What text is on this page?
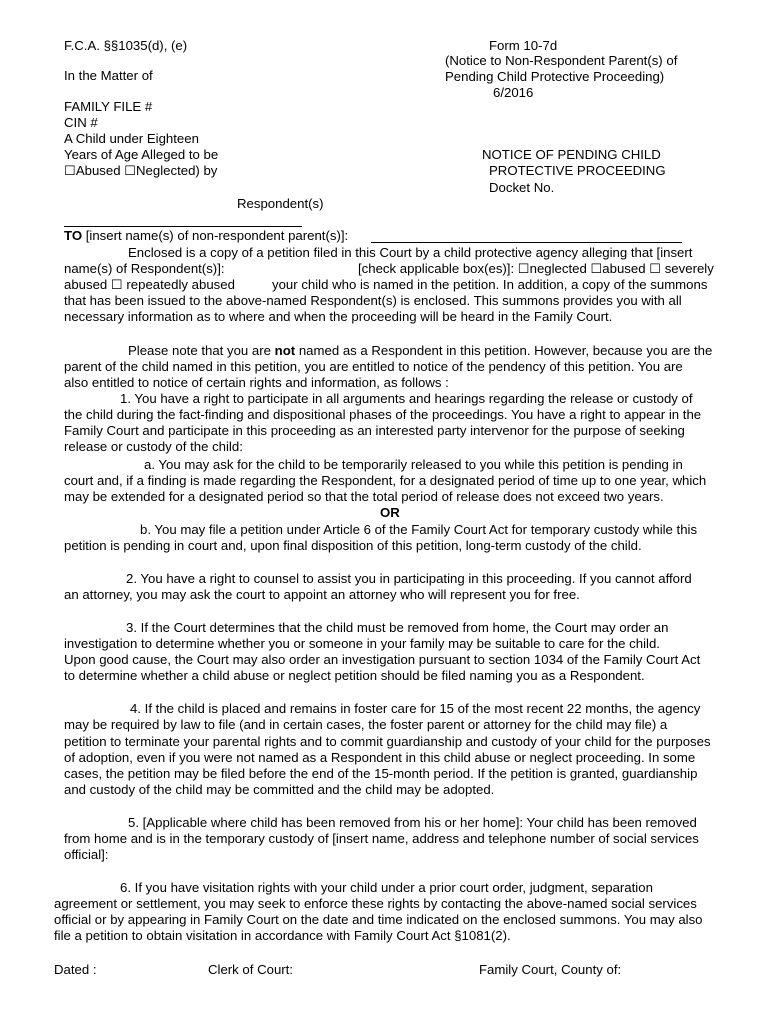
F.C.A. §§1035(d), (e)
In the Matter of
FAMILY FILE #
CIN #
A Child under Eighteen
Years of Age Alleged to be
☐Abused ☐Neglected) by
Respondent(s)
Form 10-7d
(Notice to Non-Respondent Parent(s) of
Pending Child Protective Proceeding)
6/2016
NOTICE OF PENDING CHILD
PROTECTIVE PROCEEDING
Docket No.
TO [insert name(s) of non-respondent parent(s)]:
Enclosed is a copy of a petition filed in this Court by a child protective agency alleging that [insert
name(s) of Respondent(s)]:	[check applicable box(es)]: ☐neglected ☐abused ☐ severely
abused ☐ repeatedly abused	your child who is named in the petition. In addition, a copy of the summons
that has been issued to the above-named Respondent(s) is enclosed. This summons provides you with all
necessary information as to where and when the proceeding will be heard in the Family Court.
Please note that you are not named as a Respondent in this petition. However, because you are the
parent of the child named in this petition, you are entitled to notice of the pendency of this petition. You are
also entitled to notice of certain rights and information, as follows :
1. You have a right to participate in all arguments and hearings regarding the release or custody of
the child during the fact-finding and dispositional phases of the proceedings. You have a right to appear in the
Family Court and participate in this proceeding as an interested party intervenor for the purpose of seeking
release or custody of the child:
a. You may ask for the child to be temporarily released to you while this petition is pending in
court and, if a finding is made regarding the Respondent, for a designated period of time up to one year, which
may be extended for a designated period so that the total period of release does not exceed two years.
OR
b. You may file a petition under Article 6 of the Family Court Act for temporary custody while this
petition is pending in court and, upon final disposition of this petition, long-term custody of the child.
2. You have a right to counsel to assist you in participating in this proceeding. If you cannot afford
an attorney, you may ask the court to appoint an attorney who will represent you for free.
3. If the Court determines that the child must be removed from home, the Court may order an
investigation to determine whether you or someone in your family may be suitable to care for the child.
Upon good cause, the Court may also order an investigation pursuant to section 1034 of the Family Court Act
to determine whether a child abuse or neglect petition should be filed naming you as a Respondent.
4. If the child is placed and remains in foster care for 15 of the most recent 22 months, the agency
may be required by law to file (and in certain cases, the foster parent or attorney for the child may file) a
petition to terminate your parental rights and to commit guardianship and custody of your child for the purposes
of adoption, even if you were not named as a Respondent in this child abuse or neglect proceeding. In some
cases, the petition may be filed before the end of the 15-month period. If the petition is granted, guardianship
and custody of the child may be committed and the child may be adopted.
5. [Applicable where child has been removed from his or her home]: Your child has been removed
from home and is in the temporary custody of [insert name, address and telephone number of social services
official]:
6. If you have visitation rights with your child under a prior court order, judgment, separation
agreement or settlement, you may seek to enforce these rights by contacting the above-named social services
official or by appearing in Family Court on the date and time indicated on the enclosed summons. You may also
file a petition to obtain visitation in accordance with Family Court Act §1081(2).
Dated :	Clerk of Court:	Family Court, County of:
